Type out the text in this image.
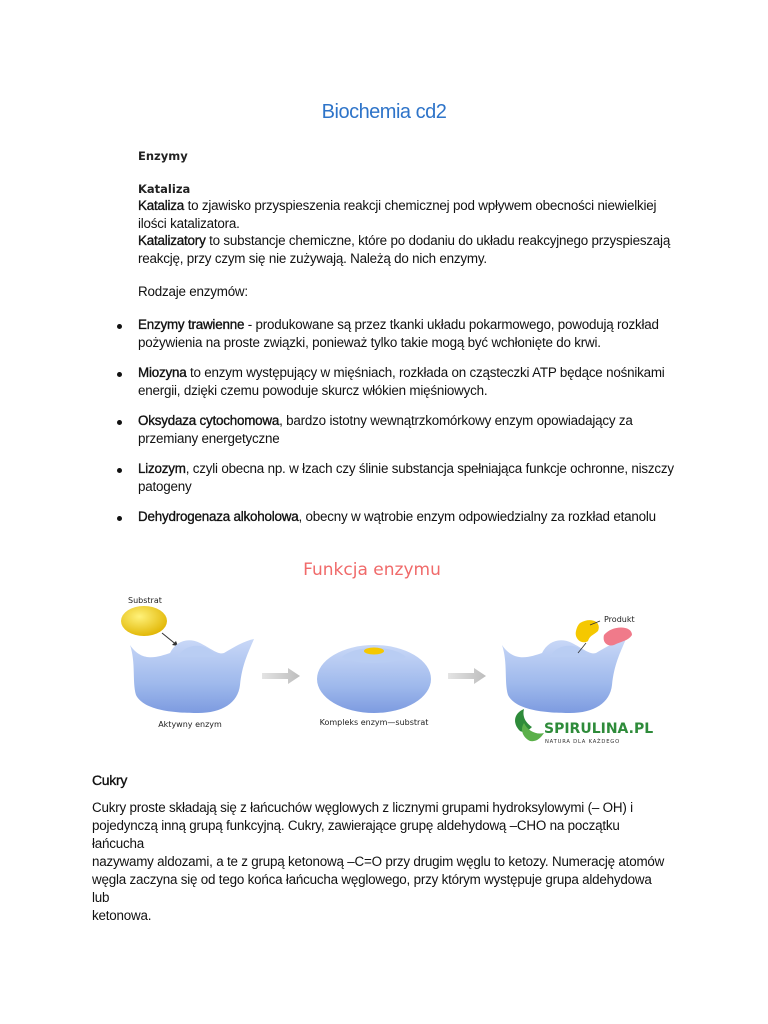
Biochemia cd2
Enzymy
Kataliza
Kataliza to zjawisko przyspieszenia reakcji chemicznej pod wpływem obecności niewielkiej
ilości katalizatora.
Katalizatory to substancje chemiczne, które po dodaniu do układu reakcyjnego przyspieszają
reakcję, przy czym się nie zużywają. Należą do nich enzymy.
Rodzaje enzymów:
Enzymy trawienne - produkowane są przez tkanki układu pokarmowego, powodują rozkład
pożywienia na proste związki, ponieważ tylko takie mogą być wchłonięte do krwi.
Miozyna to enzym występujący w mięśniach, rozkłada on cząsteczki ATP będące nośnikami
energii, dzięki czemu powoduje skurcz włókien mięśniowych.
Oksydaza cytochomowa, bardzo istotny wewnątrzkomórkowy enzym opowiadający za
przemiany energetyczne
Lizozym, czyli obecna np. w łzach czy ślinie substancja spełniająca funkcje ochronne, niszczy
patogeny
Dehydrogenaza alkoholowa, obecny w wątrobie enzym odpowiedzialny za rozkład etanolu
Funkcja enzymu
Substrat
Aktywny enzym	Kompleks enzym—substrat
Produkt
SPIRULINA.PL
NATURA DLA KAŻDEGO
Cukry
Cukry proste składają się z łańcuchów węglowych z licznymi grupami hydroksylowymi (– OH) i
pojedynczą inną grupą funkcyjną. Cukry, zawierające grupę aldehydową –CHO na początku łańcucha
nazywamy aldozami, a te z grupą ketonową –C=O przy drugim węglu to ketozy. Numerację atomów
węgla zaczyna się od tego końca łańcucha węglowego, przy którym występuje grupa aldehydowa lub
ketonowa.
